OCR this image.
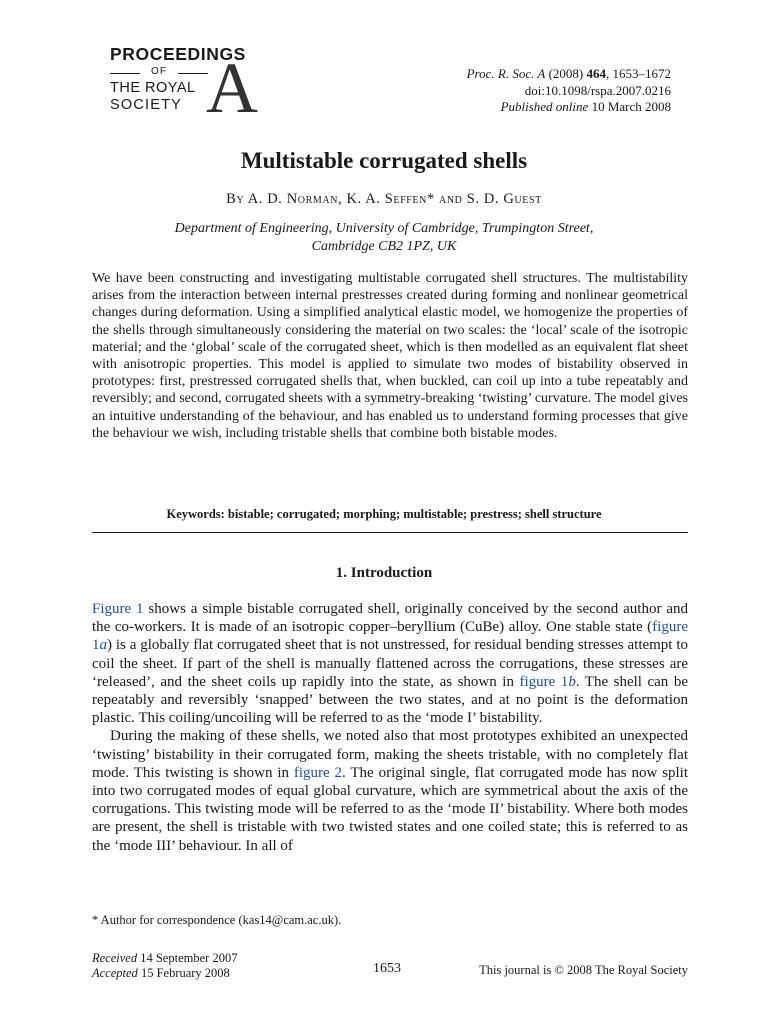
PROCEEDINGS
OF
THE ROYAL
SOCIETY A	Proc. R. Soc. A (2008) 464, 1653–1672
doi:10.1098/rspa.2007.0216
Published online 10 March 2008
Multistable corrugated shells
By A. D. Norman, K. A. Seffen* and S. D. Guest
Department of Engineering, University of Cambridge, Trumpington Street,
Cambridge CB2 1PZ, UK
We have been constructing and investigating multistable corrugated shell structures. The multistability arises from the interaction between internal prestresses created during forming and nonlinear geometrical changes during deformation. Using a simplified analytical elastic model, we homogenize the properties of the shells through simultaneously considering the material on two scales: the ‘local’ scale of the isotropic material; and the ‘global’ scale of the corrugated sheet, which is then modelled as an equivalent flat sheet with anisotropic properties. This model is applied to simulate two modes of bistability observed in prototypes: first, prestressed corrugated shells that, when buckled, can coil up into a tube repeatably and reversibly; and second, corrugated sheets with a symmetry-breaking ‘twisting’ curvature. The model gives an intuitive understanding of the behaviour, and has enabled us to understand forming processes that give the behaviour we wish, including tristable shells that combine both bistable modes.
Keywords: bistable; corrugated; morphing; multistable; prestress; shell structure
1. Introduction

Figure 1 shows a simple bistable corrugated shell, originally conceived by the second author and the co-workers. It is made of an isotropic copper–beryllium (CuBe) alloy. One stable state (figure 1a) is a globally flat corrugated sheet that is not unstressed, for residual bending stresses attempt to coil the sheet. If part of the shell is manually flattened across the corrugations, these stresses are ‘released’, and the sheet coils up rapidly into the state, as shown in figure 1b. The shell can be repeatably and reversibly ‘snapped’ between the two states, and at no point is the deformation plastic. This coiling/uncoiling will be referred to as the ‘mode I’ bistability.

During the making of these shells, we noted also that most prototypes exhibited an unexpected ‘twisting’ bistability in their corrugated form, making the sheets tristable, with no completely flat mode. This twisting is shown in figure 2. The original single, flat corrugated mode has now split into two corrugated modes of equal global curvature, which are symmetrical about the axis of the corrugations. This twisting mode will be referred to as the ‘mode II’ bistability. Where both modes are present, the shell is tristable with two twisted states and one coiled state; this is referred to as the ‘mode III’ behaviour. In all of

* Author for correspondence (kas14@cam.ac.uk).
Received 14 September 2007
Accepted 15 February 2008	1653	This journal is © 2008 The Royal Society
